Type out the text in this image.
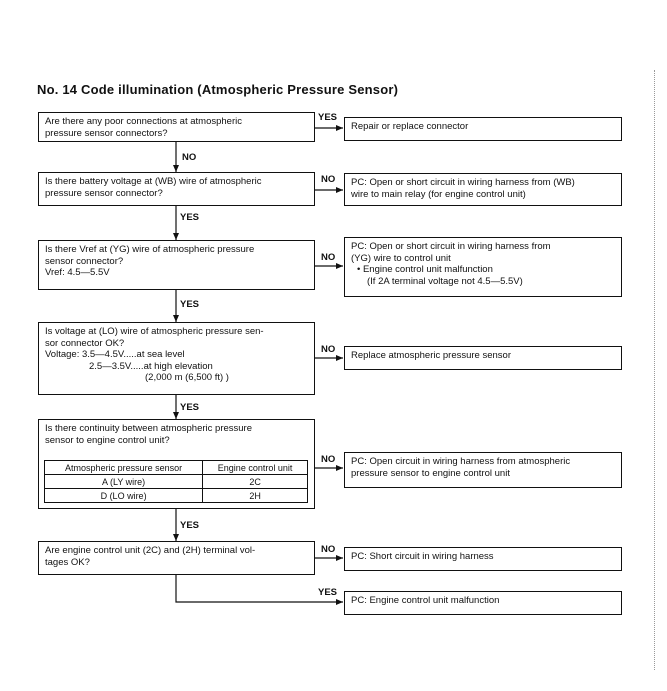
No. 14 Code illumination (Atmospheric Pressure Sensor)
Are there any poor connections at atmospheric
pressure sensor connectors?
Is there battery voltage at (WB) wire of atmospheric
pressure sensor connector?
Is there Vref at (YG) wire of atmospheric pressure
sensor connector?
Vref: 4.5—5.5V
Is voltage at (LO) wire of atmospheric pressure sen-
sor connector OK?
Voltage: 3.5—4.5V.....at sea level
2.5—3.5V.....at high elevation
(2,000 m (6,500 ft) )
Is there continuity between atmospheric pressure
sensor to engine control unit?
Atmospheric pressure sensor	Engine control unit
A (LY wire)	2C
D (LO wire)	2H
Are engine control unit (2C) and (2H) terminal vol-
tages OK?
Repair or replace connector
PC: Open or short circuit in wiring harness from (WB)
wire to main relay (for engine control unit)
PC: Open or short circuit in wiring harness from
(YG) wire to control unit
• Engine control unit malfunction
(If 2A terminal voltage not 4.5—5.5V)
Replace atmospheric pressure sensor
PC: Open circuit in wiring harness from atmospheric
pressure sensor to engine control unit
PC: Short circuit in wiring harness
PC: Engine control unit malfunction
YES
NO
NO
YES
NO
YES
NO
YES
NO
YES
NO
YES
